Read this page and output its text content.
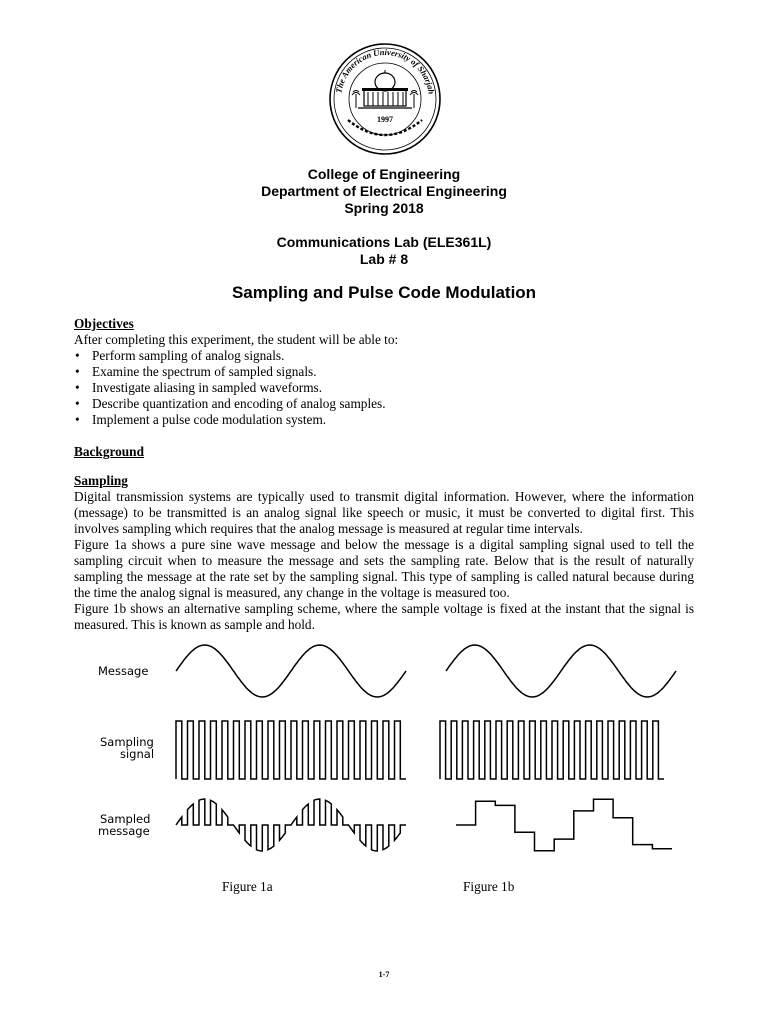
The American University of Sharjah
1997
College of Engineering
Department of Electrical Engineering
Spring 2018
Communications Lab (ELE361L)
Lab # 8
Sampling and Pulse Code Modulation
Objectives
After completing this experiment, the student will be able to:
• Perform sampling of analog signals.
• Examine the spectrum of sampled signals.
• Investigate aliasing in sampled waveforms.
• Describe quantization and encoding of analog samples.
• Implement a pulse code modulation system.
Background
Sampling
Digital transmission systems are typically used to transmit digital information. However, where the information (message) to be transmitted is an analog signal like speech or music, it must be converted to digital first. This involves sampling which requires that the analog message is measured at regular time intervals.
Figure 1a shows a pure sine wave message and below the message is a digital sampling signal used to tell the sampling circuit when to measure the message and sets the sampling rate. Below that is the result of naturally sampling the message at the rate set by the sampling signal. This type of sampling is called natural because during the time the analog signal is measured, any change in the voltage is measured too.
Figure 1b shows an alternative sampling scheme, where the sample voltage is fixed at the instant that the signal is measured. This is known as sample and hold.
Message
Sampling
signal
Sampled
message
Figure 1a	Figure 1b
1-7
